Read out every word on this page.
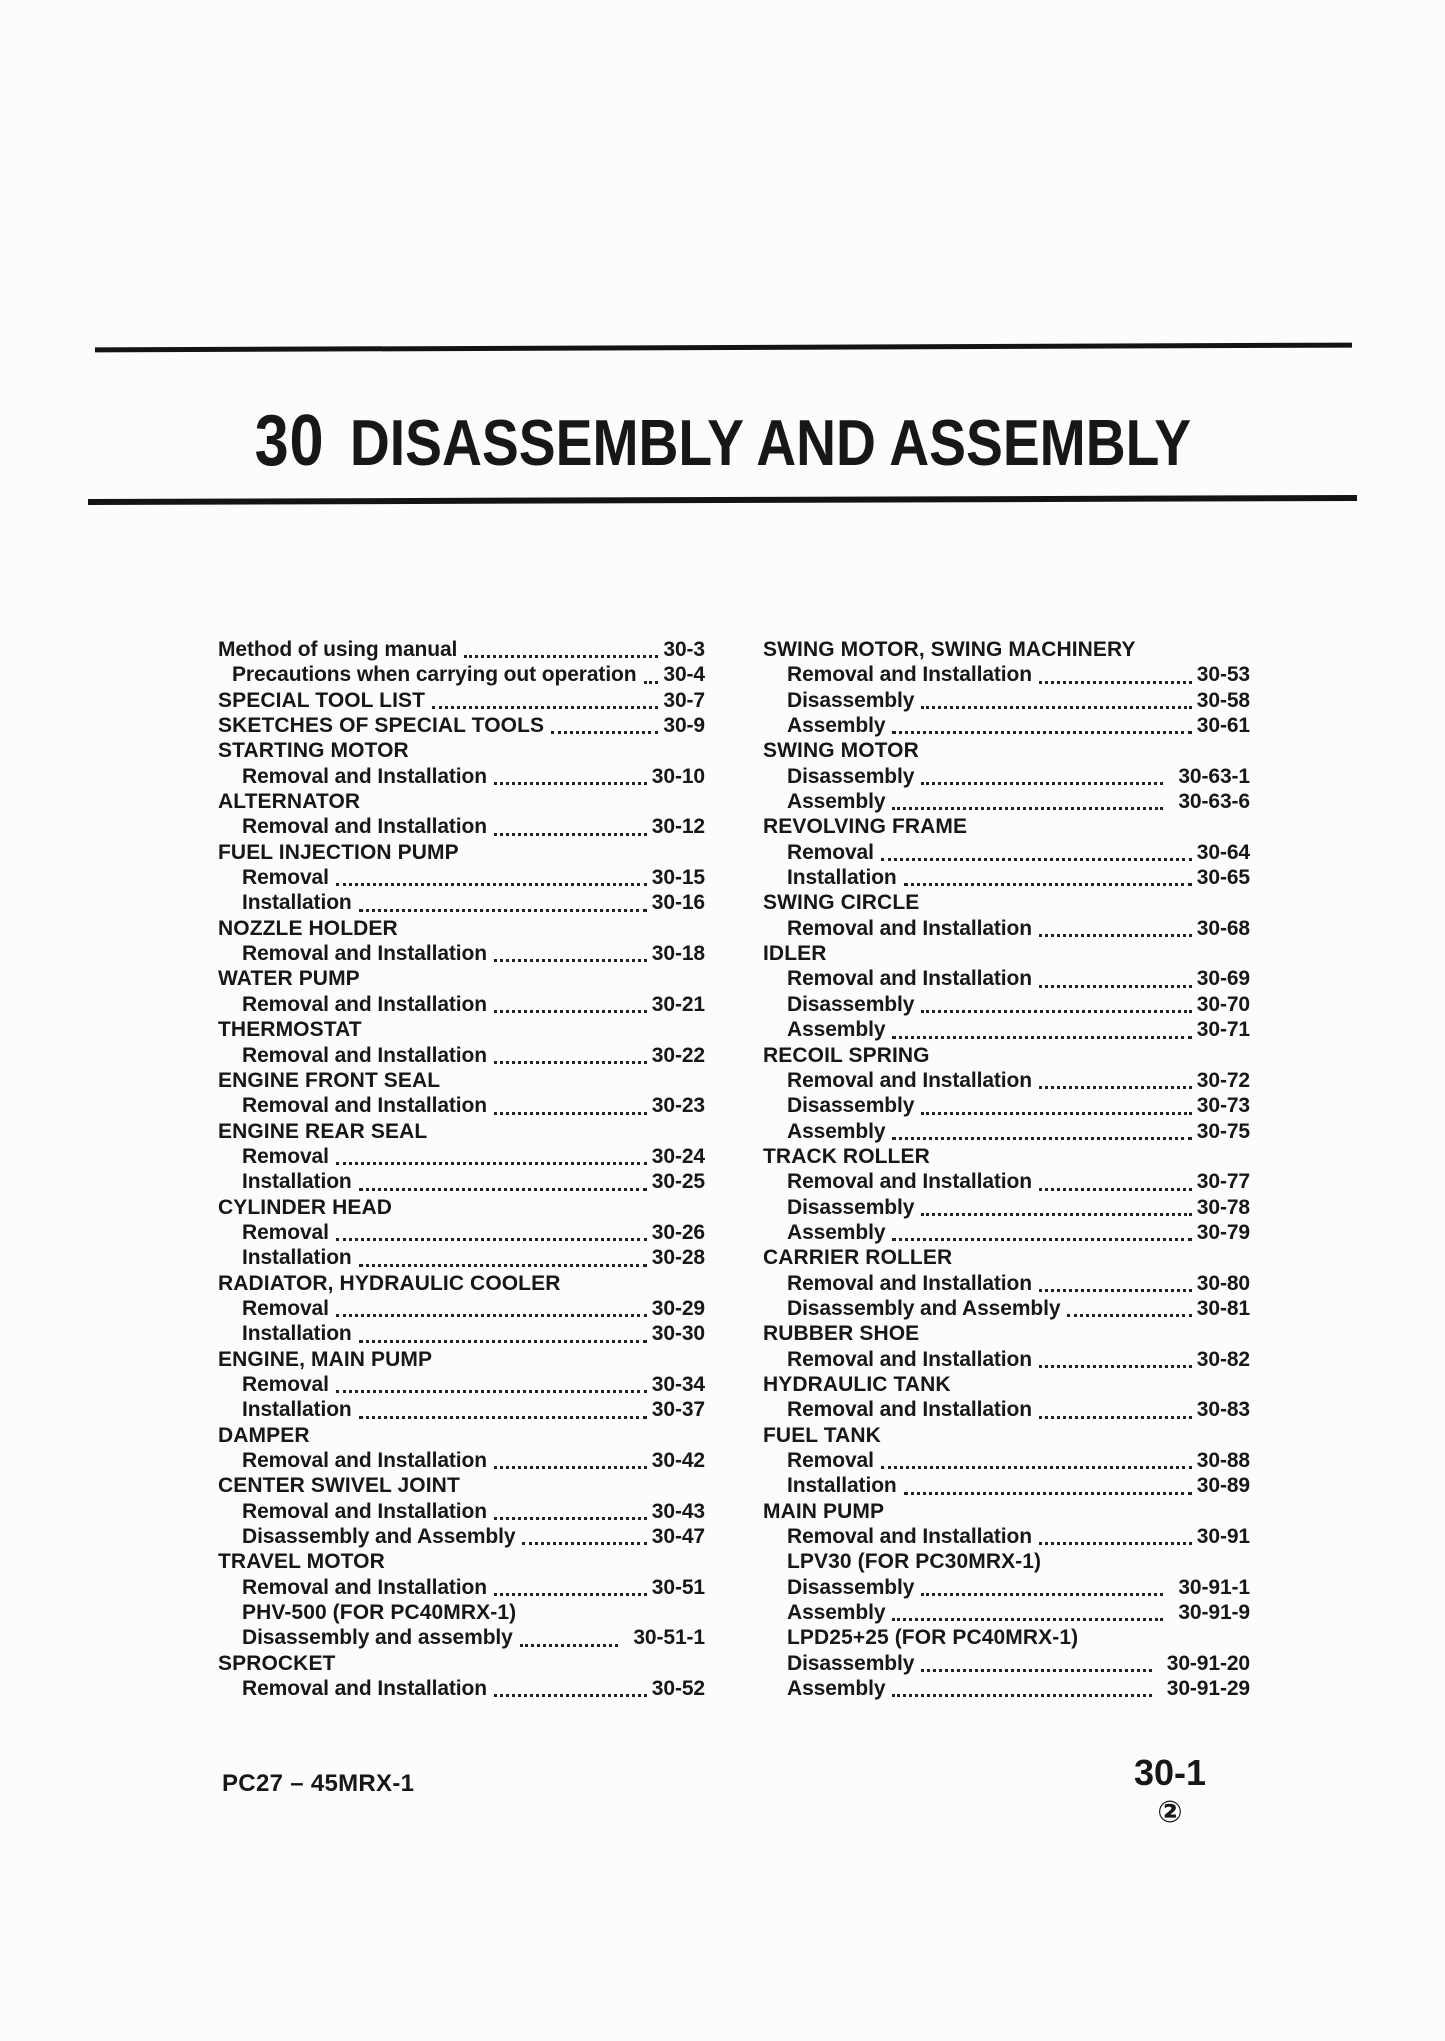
30 DISASSEMBLY AND ASSEMBLY
Method of using manual	30-3
Precautions when carrying out operation 30-4
SPECIAL TOOL LIST	30-7
SKETCHES OF SPECIAL TOOLS	30-9
STARTING MOTOR
Removal and Installation	30-10
ALTERNATOR
Removal and Installation	30-12
FUEL INJECTION PUMP
Removal	30-15
Installation	30-16
NOZZLE HOLDER
Removal and Installation	30-18
WATER PUMP
Removal and Installation	30-21
THERMOSTAT
Removal and Installation	30-22
ENGINE FRONT SEAL
Removal and Installation	30-23
ENGINE REAR SEAL
Removal	30-24
Installation	30-25
CYLINDER HEAD
Removal	30-26
Installation	30-28
RADIATOR, HYDRAULIC COOLER
Removal	30-29
Installation	30-30
ENGINE, MAIN PUMP
Removal	30-34
Installation	30-37
DAMPER
Removal and Installation	30-42
CENTER SWIVEL JOINT
Removal and Installation	30-43
Disassembly and Assembly	30-47
TRAVEL MOTOR
Removal and Installation	30-51
PHV-500 (FOR PC40MRX-1)
Disassembly and assembly	30-51-1
SPROCKET
Removal and Installation	30-52
SWING MOTOR, SWING MACHINERY
Removal and Installation	30-53
Disassembly	30-58
Assembly	30-61
SWING MOTOR
Disassembly	30-63-1
Assembly	30-63-6
REVOLVING FRAME
Removal	30-64
Installation	30-65
SWING CIRCLE
Removal and Installation	30-68
IDLER
Removal and Installation	30-69
Disassembly	30-70
Assembly	30-71
RECOIL SPRING
Removal and Installation	30-72
Disassembly	30-73
Assembly	30-75
TRACK ROLLER
Removal and Installation	30-77
Disassembly	30-78
Assembly	30-79
CARRIER ROLLER
Removal and Installation	30-80
Disassembly and Assembly	30-81
RUBBER SHOE
Removal and Installation	30-82
HYDRAULIC TANK
Removal and Installation	30-83
FUEL TANK
Removal	30-88
Installation	30-89
MAIN PUMP
Removal and Installation	30-91
LPV30 (FOR PC30MRX-1)
Disassembly	30-91-1
Assembly	30-91-9
LPD25+25 (FOR PC40MRX-1)
Disassembly	30-91-20
Assembly	30-91-29
PC27 – 45MRX-1	30-1
②
